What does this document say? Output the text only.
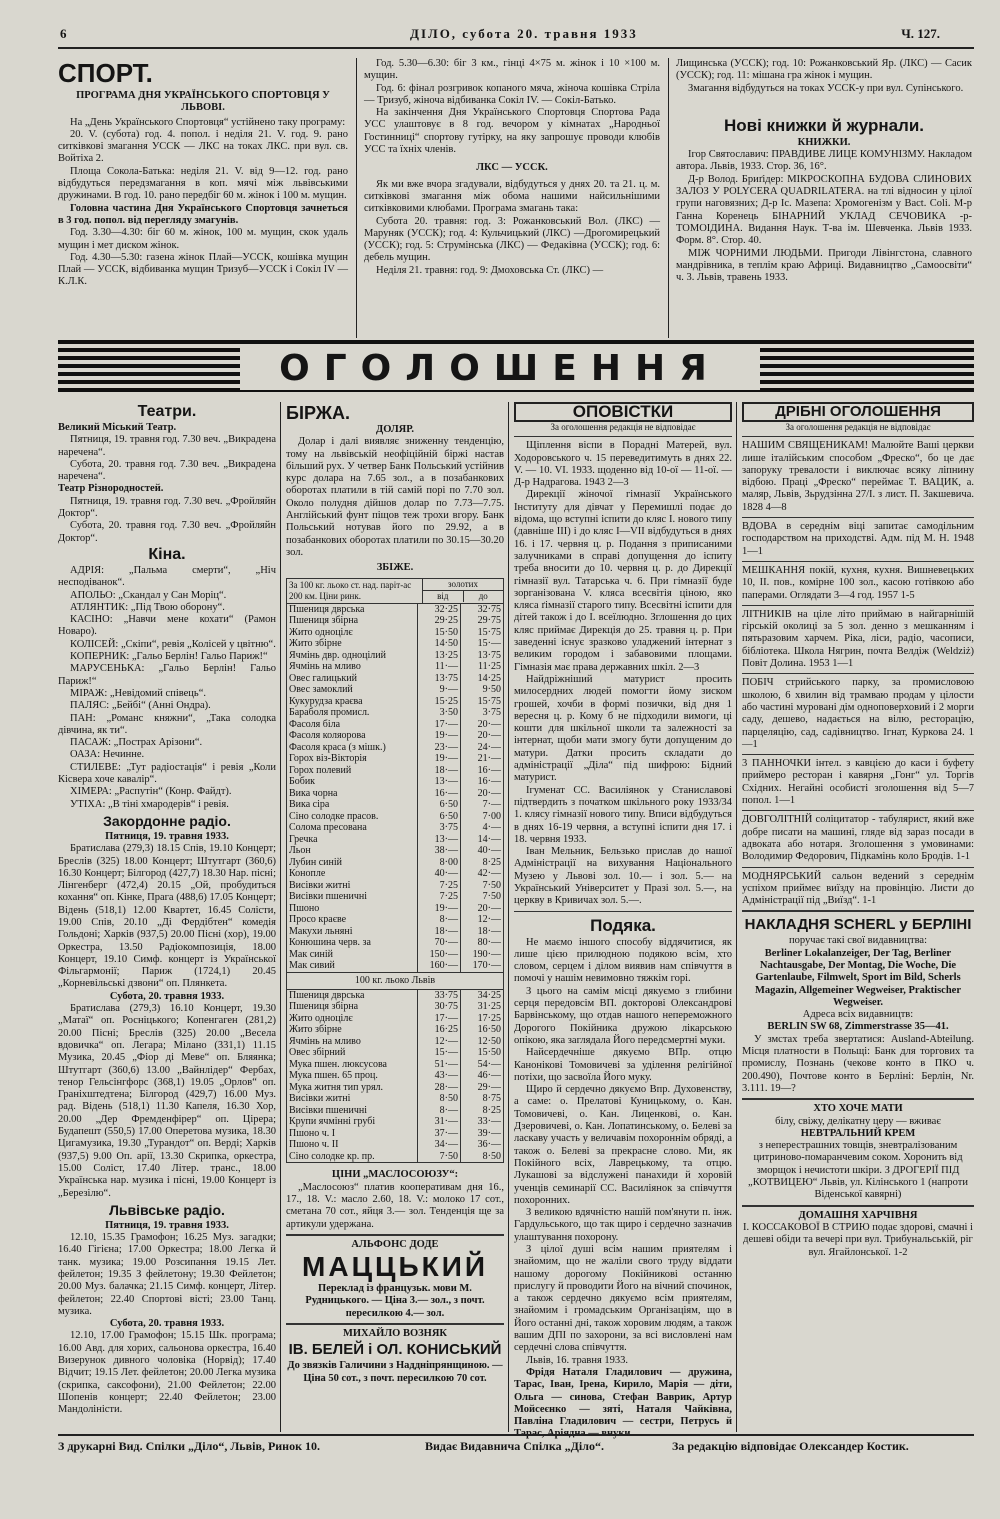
6	ДІЛО, субота 20. травня 1933	Ч. 127.
СПОРТ.

ПРОГРАМА ДНЯ УКРАЇНСЬКОГО СПОРТОВЦЯ У ЛЬВОВІ.

На „День Українського Спортовця“ устійнено таку програму:

20. V. (субота) год. 4. попол. і неділя 21. V. год. 9. рано ситківкові змагання УССК — ЛКС на токах ЛКС. при вул. св. Войтіха 2.

Площа Сокола-Батька: неділя 21. V. від 9—12. год. рано відбудуться передзмагання в коп. мячі між львівськими дружинами. В год. 10. рано передбіг 60 м. жінок і 100 м. мущин.

Головна частина Дня Українського Спортовця зачнеться в 3 год. попол. від перегляду змагунів.

Год. 3.30—4.30: біг 60 м. жінок, 100 м. мущин, скок удаль мущин і мет диском жінок.

Год. 4.30—5.30: газена жінок Плай—УССК, кошівка мущин Плай — УССК, відбиванка мущин Тризуб—УССК і Сокіл IV — К.Л.К.

Год. 5.30—6.30: біг 3 км., гінці 4×75 м. жінок і 10 ×100 м. мущин.

Год. 6: фінал розгривок копаного мяча, жіноча кошівка Стріла — Тризуб, жіноча відбиванка Сокіл IV. — Сокіл-Батько.

На закінчення Дня Українського Спортовця Спортова Рада УСС улаштовує в 8 год. вечором у кімнатах „Народньої Гостинниці“ спортову гутірку, на яку запрошує проводи клюбів УСС та їхніх членів.

ЛКС — УССК.

Як ми вже вчора згадували, відбудуться у днях 20. та 21. ц. м. ситківкові змагання між обома нашими найсильнішими ситківковими клюбами. Програма змагань така:

Субота 20. травня: год. 3: Рожанковський Вол. (ЛКС) — Маруняк (УССК); год. 4: Кульчицький (ЛКС) —Дрогомирецький (УССК); год. 5: Струмінська (ЛКС) — Федаківна (УССК); год. 6: дебель мущин.

Неділя 21. травня: год. 9: Дмоховська Ст. (ЛКС) —

Лищинська (УССК); год. 10: Рожанковський Яр. (ЛКС) — Сасик (УССК); год. 11: мішана гра жінок і мущин.

Змагання відбудуться на токах УССК-у при вул. Супінського.

Нові книжки й журнали.

КНИЖКИ.

Ігор Святославич: ПРАВДИВЕ ЛИЦЕ КОМУНІЗМУ. Накладом автора. Львів, 1933. Стор. 36, 16°.

Д-р Волод. Бриґідер: МІКРОСКОПНА БУДОВА СЛИНОВИХ ЗАЛОЗ У POLYCERA QUADRILATERA. на тлі відносин у цілої групи наговязних; Д-р Іс. Мазепа: Хромогенізм у Bact. Coli. М-р Ганна Коренець БІНАРНИЙ УКЛАД СЕЧОВИКА -р- ТОМОІДИНА. Видання Наук. Т-ва ім. Шевченка. Львів 1933. Форм. 8°. Стор. 40.

МІЖ ЧОРНИМИ ЛЮДЬМИ. Пригоди Лівінгстона, славного мандрівника, в теплім краю Африці. Видавництво „Самоосвіти“ ч. 3. Львів, травень 1933.

ОГОЛОШЕННЯ
Театри.

Великий Міський Театр.

Пятниця, 19. травня год. 7.30 веч. „Викрадена наречена“.

Субота, 20. травня год. 7.30 веч. „Викрадена наречена“.

Театр Різнородностей.

Пятниця, 19. травня год. 7.30 веч. „Фройляйн Доктор“.

Субота, 20. травня год. 7.30 веч. „Фройляйн Доктор“.

Кіна.

АДРІЯ: „Пальма смерти“, „Ніч несподіванок“.

АПОЛЬО: „Скандал у Сан Моріц“.

АТЛЯНТИК: „Під Твою оборону“.

КАСІНО: „Навчи мене кохати“ (Рамон Новаро).

КОЛІСЕЙ: „Скіпи“, ревія „Колісей у цвітню“.

КОПЕРНИК: „Гальо Берлін! Гальо Париж!“

МАРУСЕНЬКА: „Гальо Берлін! Гальо Париж!“

МІРАЖ: „Невідомий співець“.

ПАЛЯС: „Бейбі“ (Анні Ондра).

ПАН: „Романс княжни“, „Така солодка дівчина, як ти“.

ПАСАЖ: „Пострах Арізони“.

ОАЗА: Нечинне.

СТИЛЕВЕ: „Тут радіостація“ і ревія „Коли Кісвера хоче кавалір“.

ХІМЕРА: „Распутін“ (Конр. Файдт).

УТІХА: „В тіні хмародерів“ і ревія.

Закордонне радіо.

Пятниця, 19. травня 1933.

Братислава (279,3) 18.15 Спів, 19.10 Концерт; Бреслів (325) 18.00 Концерт; Штутгарт (360,6) 16.30 Концерт; Білгород (427,7) 18.30 Нар. пісні; Лінгенберг (472,4) 20.15 „Ой, пробудиться кохання“ оп. Кінке, Прага (488,6) 17.05 Концерт; Відень (518,1) 12.00 Квартет, 16.45 Солісти, 19.00 Спів, 20.10 „Ді Фердібтен“ комедія Гольдоні; Харків (937,5) 20.00 Пісні (хор), 19.00 Оркестра, 13.50 Радіокомпозиція, 18.00 Концерт, 19.10 Симф. концерт із Української Фільгармонії; Париж (1724,1) 20.45 „Корневільські дзвони“ оп. Плянкета.

Субота, 20. травня 1933.

Братислава (279,3) 16.10 Концерт, 19.30 „Матаї“ оп. Росніцького; Копенгаген (281,2) 20.00 Пісні; Бреслів (325) 20.00 „Весела вдовичка“ оп. Легара; Мілано (331,1) 11.15 Музика, 20.45 „Фіор ді Меве“ оп. Бляянка; Штутгарт (360,6) 13.00 „Вайнлідер“ Фербах, тенор Гельсінгфорс (368,1) 19.05 „Орлов“ оп. Граніхштедтена; Білгород (429,7) 16.00 Муз. рад. Відень (518,1) 11.30 Капеля, 16.30 Хор, 20.00 „Дер Фремденфірер“ оп. Цірера; Будапешт (550,5) 17.00 Оперетова музика, 18.30 Цигамузика, 19.30 „Турандот“ оп. Верді; Харків (937,5) 9.00 Оп. арії, 13.30 Скрипка, оркестра, 15.00 Соліст, 17.40 Літер. транс., 18.00 Українська нар. музика і пісні, 19.00 Концерт із „Березілю“.

Львівське радіо.

Пятниця, 19. травня 1933.

12.10, 15.35 Грамофон; 16.25 Муз. загадки; 16.40 Гігієна; 17.00 Оркестра; 18.00 Легка й танк. музика; 19.00 Розсипання 19.15 Лет. фейлетон; 19.35 З фейлетону; 19.30 Фейлетон; 20.00 Муз. балачка; 21.15 Симф. концерт, Літер. фейлетон; 22.40 Спортові вісті; 23.00 Танц. музика.

Субота, 20. травня 1933.

12.10, 17.00 Грамофон; 15.15 Шк. програма; 16.00 Авд. для хорих, сальонова оркестра, 16.40 Визерунок дивного чоловіка (Норвід); 17.40 Відчит; 19.15 Лет. фейлетон; 20.00 Легка музика (скрипка, саксофони), 21.00 Фейлетон; 22.00 Шопенів концерт; 22.40 Фейлетон; 23.00 Мандоліністи.

БІРЖА.

ДОЛЯР.

Долар і далі виявляє зниженну тенденцію, тому на львівській неофіційній біржі настав більший рух. У четвер Банк Польський устійнив курс долара на 7.65 зол., а в позабанкових оборотах платили в тій самій порі по 7.70 зол. Около полудня дійшов долар по 7.73—7.75. Англійський фунт піщов теж трохи вгору. Банк Польський нотував його по 29.92, а в позабанкових оборотах платили по 30.15—30.20 зол.

ЗБІЖЕ.

За 100 кг. льоко ст. над. паріт-ас 200 км. Ціни ринк.
золотих
від	до
Пшениця дврська	32·25	32·75
Пшениця збірна	29·25	29·75
Жито одноцілє	15·50	15·75
Жито збірне	14·50	15·—
Ячмінь двр. одноцілий	13·25	13·75
Ячмінь на мливо	11·—	11·25
Овес галицький	13·75	14·25
Овес замоклий	9·—	9·50
Кукурудза краєва	15·25	15·75
Бараболя промисл.	3·50	3·75
Фасоля біла	17·—	20·—
Фасоля коляорова	19·—	20·—
Фасоля краса (з мішк.)	23·—	24·—
Горох віз-Вікторія	19·—	21·—
Горох полевий	18·—	16·—
Бобик	13·—	16·—
Вика чорна	16·—	20·—
Вика сіра	6·50	7·—
Сіно солодке прасов.	6·50	7·00
Солома пресована	3·75	4·—
Гречка	13·—	14·—
Льон	38·—	40·—
Лубин синій	8·00	8·25
Конопле	40·—	42·—
Висівки житні	7·25	7·50
Висівки пшеничні	7·25	7·50
Пшоно	19·—	20·—
Просо краєве	8·—	12·—
Макухи льняні	18·—	18·—
Конюшина черв. за	70·—	80·—
Мак синій	150·—	190·—
Мак сивий	160·—	170·—
100 кг. льоко Львів
Пшениця дврська	33·75	34·25
Пшениця збірна	30·75	31·25
Жито одноцілє	17·—	17·25
Жито збірне	16·25	16·50
Ячмінь на мливо	12·—	12·50
Овес збірний	15·—	15·50
Мука пшен. люксусова	51·—	54·—
Мука пшен. 65 проц.	43·—	46·—
Мука житня тип урял.	28·—	29·—
Висівки житні	8·50	8·75
Висівки пшеничні	8·—	8·25
Крупи ячмінні грубі	31·—	33·—
Пшоно ч. І	37·—	39·—
Пшоно ч. ІІ	34·—	36·—
Сіно солодке кр. пр.	7·50	8·50

ЦІНИ „МАСЛОСОЮЗУ“:

„Маслосоюз“ платив кооперативам дня 16., 17., 18. V.: масло 2.60, 18. V.: молоко 17 сот., сметана 70 сот., яйця 3.— зол. Тенденція ще за артикули удержана.

АЛЬФОНС ДОДЕ

МАЦЦЬКИЙ

Переклад із французьк. мови М. Рудницького. — Ціна 3.— зол., з почт. пересилкою 4.— зол.

МИХАЙЛО ВОЗНЯК

ІВ. БЕЛЕЙ і ОЛ. КОНИСЬКИЙ

До звязків Галичини з Наддніпрянщиною. — Ціна 50 сот., з почт. пересилкою 70 сот.

ОПОВІСТКИ

За оголошення редакція не відповідає

Щіплення віспи в Порадні Матерей, вул. Ходоровського ч. 15 переведитимуть в днях 22. V. — 10. VI. 1933. щоденно від 10-ої — 11-ої. — Д-р Надрагова. 1943 2—3

Дирекції жіночої гімназії Українського Інституту для дівчат у Перемишлі подає до відома, що вступні іспити до кляс І. нового типу (давніше ІІІ) і до кляс І—VII відбудуться в днях 16. і 17. червня ц. р. Подання з приписаними залучниками в справі допущення до іспиту треба вносити до 10. червня ц. р. до Дирекції гімназії вул. Татарська ч. 6. При гімназії буде зорганізована V. кляса всесвітія ціною, яко кляса ґімназії старого типу. Всесвітні іспити для дітей також і до І. всеїлюдно. Зглошення до цих кляс приймає Дирекція до 25. травня ц. р. При заведенні існує зразково уладжений інтернат з великим городом і забавовими площами. Гімназія має права державних шкіл. 2—3

Найдріжніший матурист просить милосердних людей помогти йому зиском грошей, хочби в формі позички, від дня 1 вересня ц. р. Кому б не підходили вимоги, ці кошти для шкільної школи та залежності за інтернат, щоби мати змогу бути допущеним до матури. Датки просить складати до адміністрації „Діла“ під шифрою: Бідний матурист.

Ігуменат СС. Василіянок у Станиславові підтвердить з початком шкільного року 1933/34 1. клясу гімназії нового типу. Вписи відбудуться в днях 16-19 червня, а вступні іспити дня 17. і 18. червня 1933.

Іван Мельник, Бельзько прислав до нашої Адміністрації на вихування Національного Музею у Львові зол. 10.— і зол. 5.— на Український Університет у Празі зол. 5.—, на церкву в Кривичах зол. 5.—.

Подяка.

Не маємо іншого способу віддячитися, як лише цією прилюдною подякою всім, хто словом, серцем і ділом виявив нам співчуття в помочі у нашім невимовно тяжкім горі.

З цього на самім місці дякуємо з глибини серця передовсім ВП. докторові Олександрові Барвінському, що отдав нашого непереможного Дорогого Покійника дружою лікарською опікою, яка заглядала Його передсмертні муки.

Найсердечніше дякуємо ВПр. отцю Канонікові Томовичеві за уділення релігійної потіхи, що засвоїла Його муку.

Щиро й сердечно дякуємо Впр. Духовенству, а саме: о. Прелатові Куницькому, о. Кан. Томовичеві, о. Кан. Лиценкові, о. Кан. Дзеровичеві, о. Кан. Лопатинському, о. Белеві за ласкаву участь у величавім похороннім обряді, а також о. Белеві за прекрасне слово. Ми, як Покійного всіх, Лаврецькому, та отцю. Лукашові за відслужені панахиди й хоровій ученців семинарії СС. Василіянок за співчуття похоронних.

З великою вдячністю нашій пом'янути п. інж. Гардульського, що так щиро і сердечно зазначив улаштування похорону.

З цілої душі всім нашим приятелям і знайомим, що не жаліли свого труду віддати нашому дорогому Покійникові останню прислугу й проводити Його на вічний спочинок, а також сердечно дякуємо всім приятелям, знайомим і громадським Організаціям, що в Його останні дні, також хоровим людям, а також вашим ДПІ по захорони, за всі висловлені нам сердечні слова співчуття.

Львів, 16. травня 1933.

Фрідя Наталя Гладилович — дружина, Тарас, Іван, Ірена, Кирило, Марія — діти, Ольга — синова, Стефан Ваврик, Артур Мойсеєнко — зяті, Наталя Чайківна, Павліна Гладилович — сестри, Петрусь й

ДРІБНІ ОГОЛОШЕННЯ

За оголошення редакція не відповідає

НАШИМ СВЯЩЕНИКАМ! Малюйте Ваші церкви лише італійським способом „Фреско“, бо це дає запоруку тревалости і виключає всяку ліпнину відбою. Праці „Фреско“ переймає Т. ВАЦИК, а. маляр, Львів, Зьрудзінна 27/І. з лист. П. Закшевича. 1828 4—8

ВДОВА в середнім віці запитає самодільним господарством на приходстві. Адм. під М. Н. 1948 1—1

МЕШКАННЯ покій, кухня, кухня. Вишневецьких 10, ІІ. пов., комірне 100 зол., касою готівкою або паперами. Оглядати 3—4 год. 1957 1-5

ЛІТНИКІВ на ціле літо приймаю в найгарнішій гірській околиці за 5 зол. денно з мешканням і пятьразовим харчем. Ріка, ліси, радіо, часописи, бібліотека. Школа Нягрин, почта Велдіж (Weldziż) Повіт Долина. 1953 1—1

ПОБІЧ стрийського парку, за промисловою школою, 6 хвилин від трамваю продам у цілости або частині муровані дім одноповерховий і 2 морги саду, дешево, надається на вілю, ресторацію, парцеляцію, сад, садівництво. Ігнат, Куркова 24. 1—1

3 ПАННОЧКИ інтел. з кавцією до каси і буфету приймеро ресторан і кавярня „Гонг“ ул. Торгів Східних. Негайні особисті зголошення від 5—7 попол. 1—1

ДОВГОЛІТНІЙ соліцитатор - табулярист, який вже добре писати на машині, гляде від зараз посади в адвоката або нотаря. Зголошення з умовинами: Володимир Федорович, Підкамінь коло Бродів. 1-1

МОДНЯРСЬКИЙ сальон ведений з середнім успіхом приймеє виїзду на провінцію. Листи до Адміністрації під „Виїзд“. 1-1

НАКЛАДНЯ SCHERL у БЕРЛІНІ

поручає такі свої видавництва:

Berliner Lokalanzeiger, Der Tag, Berliner Nachtausgabe, Der Montag, Die Woche, Die Gartenlaube, Filmwelt, Sport im Bild, Scherls Magazin, Allgemeiner Wegweiser, Praktischer Wegweiser.

Адреса всіх видавництв:

BERLIN SW 68, Zimmerstrasse 35—41.

У змстах треба звертатися: Ausland-Abteilung. Місця платности в Польщі: Банк для торгових та промислу, Познань (чекове конто в ПКО ч. 200.490), Почтове конто в Берліні: Берлін, Nr. 3.111. 19—?

ХТО ХОЧЕ МАТИ

білу, свіжу, делікатну церу — вживає

НЕВТРАЛЬНИЙ КРЕМ

з неперестрашних товщів, зневтралізованим цитриново-помаранчевим соком. Хоронить від зморщок і нечистоти шкіри. З ДРОГЕРІЇ ПІД „КОТВИЦЕЮ“ Львів, ул. Кілінського 1 (напроти Віденської кавярні)

ДОМАШНЯ ХАРЧІВНЯ

І. КОССАКОВОЇ В СТРИЮ подає здорові, смачні і дешеві обіди та вечері при вул. Трибунальській, ріг вул. Ягайлонської. 1-2

З друкарні Вид. Спілки „Діло“, Львів, Ринок 10.	Видає Видавнича Спілка „Діло“.	За редакцію відповідає Олександер Костик.
